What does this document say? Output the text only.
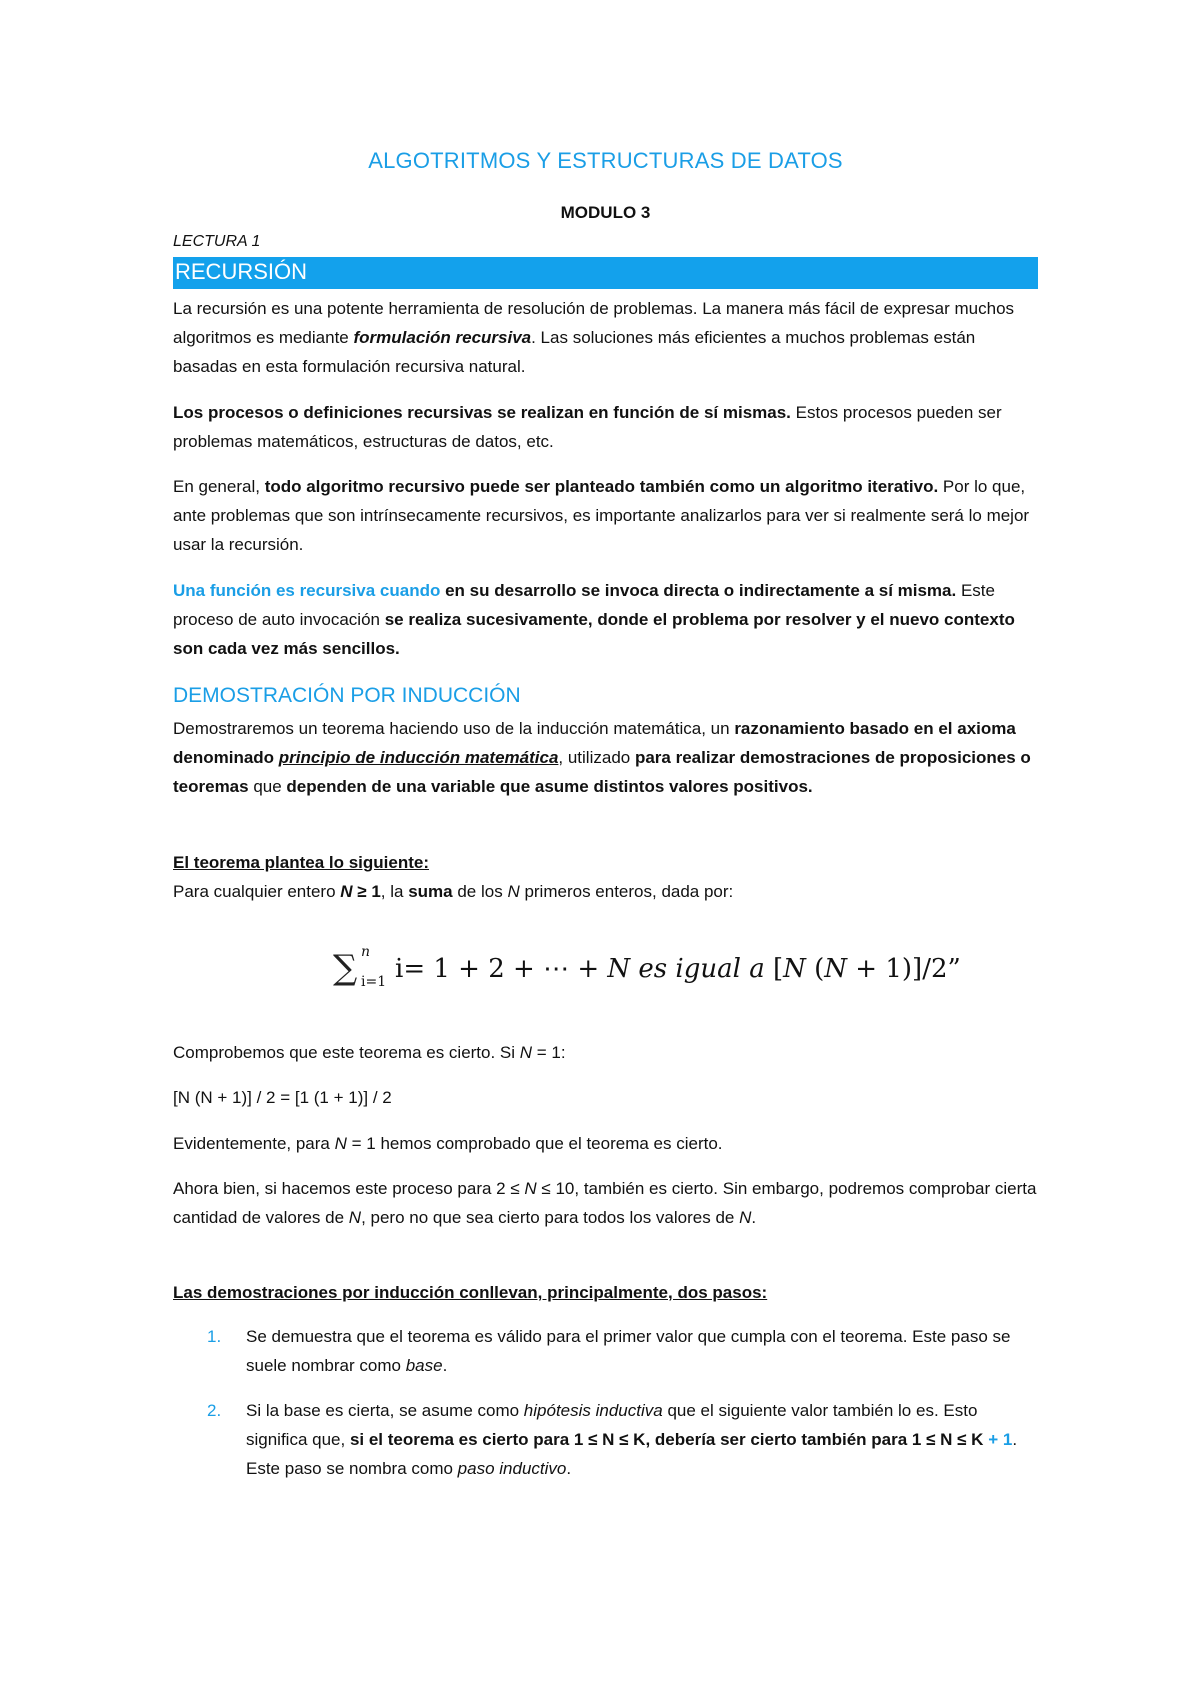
ALGOTRITMOS Y ESTRUCTURAS DE DATOS
MODULO 3
LECTURA 1
RECURSIÓN

La recursión es una potente herramienta de resolución de problemas. La manera más fácil de expresar muchos algoritmos es mediante formulación recursiva. Las soluciones más eficientes a muchos problemas están basadas en esta formulación recursiva natural.

Los procesos o definiciones recursivas se realizan en función de sí mismas. Estos procesos pueden ser problemas matemáticos, estructuras de datos, etc.

En general, todo algoritmo recursivo puede ser planteado también como un algoritmo iterativo. Por lo que, ante problemas que son intrínsecamente recursivos, es importante analizarlos para ver si realmente será lo mejor usar la recursión.

Una función es recursiva cuando en su desarrollo se invoca directa o indirectamente a sí misma. Este proceso de auto invocación se realiza sucesivamente, donde el problema por resolver y el nuevo contexto son cada vez más sencillos.

DEMOSTRACIÓN POR INDUCCIÓN

Demostraremos un teorema haciendo uso de la inducción matemática, un razonamiento basado en el axioma denominado principio de inducción matemática, utilizado para realizar demostraciones de proposiciones o teoremas que dependen de una variable que asume distintos valores positivos.

El teorema plantea lo siguiente:

Para cualquier entero N ≥ 1, la suma de los N primeros enteros, dada por:

∑ n
i=1 i= 1 + 2 + ⋯ + N es igual a [N (N + 1)]/2”

Comprobemos que este teorema es cierto. Si N = 1:

[N (N + 1)] / 2 = [1 (1 + 1)] / 2

Evidentemente, para N = 1 hemos comprobado que el teorema es cierto.

Ahora bien, si hacemos este proceso para 2 ≤ N ≤ 10, también es cierto. Sin embargo, podremos comprobar cierta cantidad de valores de N, pero no que sea cierto para todos los valores de N.

Las demostraciones por inducción conllevan, principalmente, dos pasos:

1. Se demuestra que el teorema es válido para el primer valor que cumpla con el teorema. Este paso se suele nombrar como base.
2. Si la base es cierta, se asume como hipótesis inductiva que el siguiente valor también lo es. Esto significa que, si el teorema es cierto para 1 ≤ N ≤ K, debería ser cierto también para 1 ≤ N ≤ K + 1. Este paso se nombra como paso inductivo.
